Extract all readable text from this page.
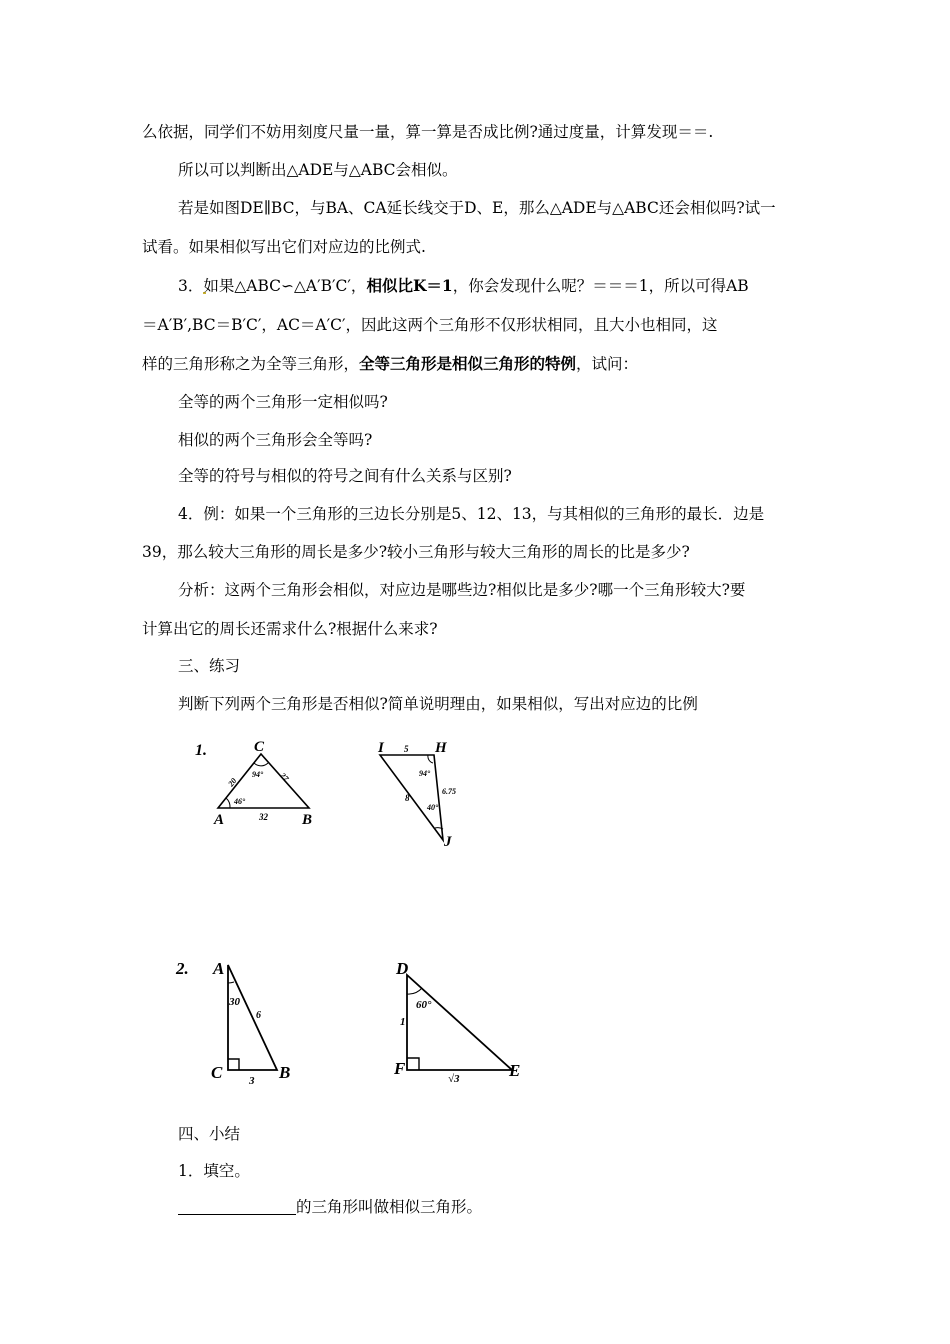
么依据，同学们不妨用刻度尺量一量，算一算是否成比例?通过度量，计算发现＝＝.
所以可以判断出△ADE与△ABC会相似。
若是如图DE∥BC，与BA、CA延长线交于D、E，那么△ADE与△ABC还会相似吗?试一
试看。如果相似写出它们对应边的比例式.
3．如果△ABC∽△A′B′C′，相似比K＝1，你会发现什么呢？＝＝＝1，所以可得AB
＝A′B′,BC＝B′C′，AC＝A′C′，因此这两个三角形不仅形状相同，且大小也相同，这
样的三角形称之为全等三角形，全等三角形是相似三角形的特例，试问：
全等的两个三角形一定相似吗?
相似的两个三角形会全等吗?
全等的符号与相似的符号之间有什么关系与区别?
4．例：如果一个三角形的三边长分别是5、12、13，与其相似的三角形的最长．边是
39，那么较大三角形的周长是多少?较小三角形与较大三角形的周长的比是多少?
分析：这两个三角形会相似，对应边是哪些边?相似比是多少?哪一个三角形较大?要
计算出它的周长还需求什么?根据什么来求?
三、练习
判断下列两个三角形是否相似?简单说明理由，如果相似，写出对应边的比例
1.	C
A	B
20	27
32
94°
46°
I	H
J
5
6.75
8
94°
40°
2. A
C	B
6
3
30
D
F	E
1
√3
60°
四、小结
1．填空。
的三角形叫做相似三角形。
